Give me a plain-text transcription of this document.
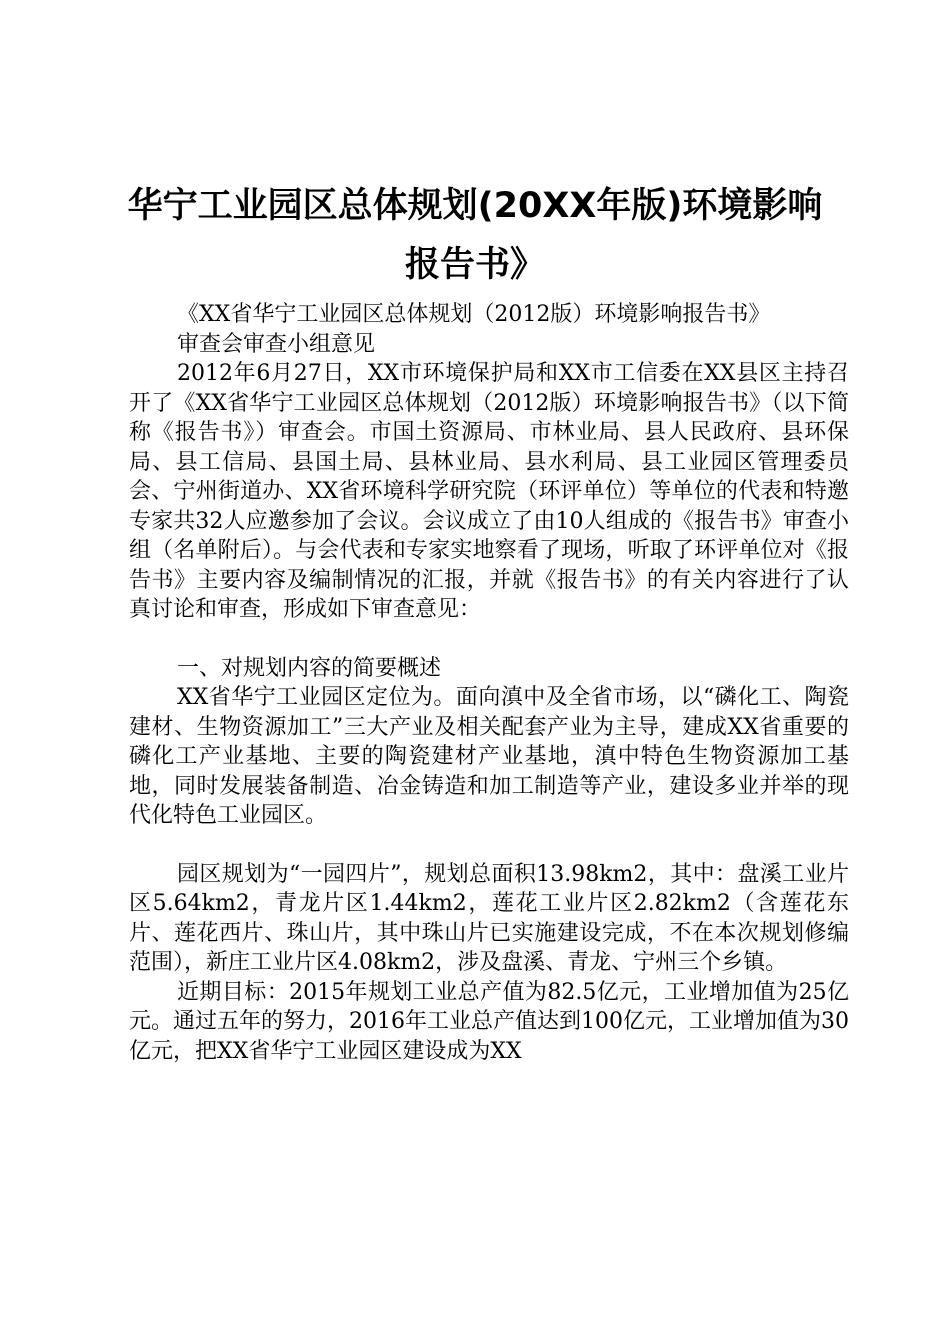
华宁工业园区总体规划(20XX年版)环境影响
报告书》

《XX省华宁工业园区总体规划（2012版）环境影响报告书》

审查会审查小组意见

2012年6月27日，XX市环境保护局和XX市工信委在XX县区主持召开了《XX省华宁工业园区总体规划（2012版）环境影响报告书》（以下简称《报告书》）审查会。市国土资源局、市林业局、县人民政府、县环保局、县工信局、县国土局、县林业局、县水利局、县工业园区管理委员会、宁州街道办、XX省环境科学研究院（环评单位）等单位的代表和特邀专家共32人应邀参加了会议。会议成立了由10人组成的《报告书》审查小组（名单附后）。与会代表和专家实地察看了现场，听取了环评单位对《报告书》主要内容及编制情况的汇报，并就《报告书》的有关内容进行了认真讨论和审查，形成如下审查意见：

一、对规划内容的简要概述

XX省华宁工业园区定位为。面向滇中及全省市场，以“磷化工、陶瓷建材、生物资源加工”三大产业及相关配套产业为主导，建成XX省重要的磷化工产业基地、主要的陶瓷建材产业基地，滇中特色生物资源加工基地，同时发展装备制造、冶金铸造和加工制造等产业，建设多业并举的现代化特色工业园区。

园区规划为“一园四片”，规划总面积13.98km2，其中：盘溪工业片区5.64km2，青龙片区1.44km2，莲花工业片区2.82km2（含莲花东片、莲花西片、珠山片，其中珠山片已实施建设完成，不在本次规划修编范围），新庄工业片区4.08km2，涉及盘溪、青龙、宁州三个乡镇。

近期目标：2015年规划工业总产值为82.5亿元，工业增加值为25亿元。通过五年的努力，2016年工业总产值达到100亿元，工业增加值为30亿元，把XX省华宁工业园区建设成为XX
